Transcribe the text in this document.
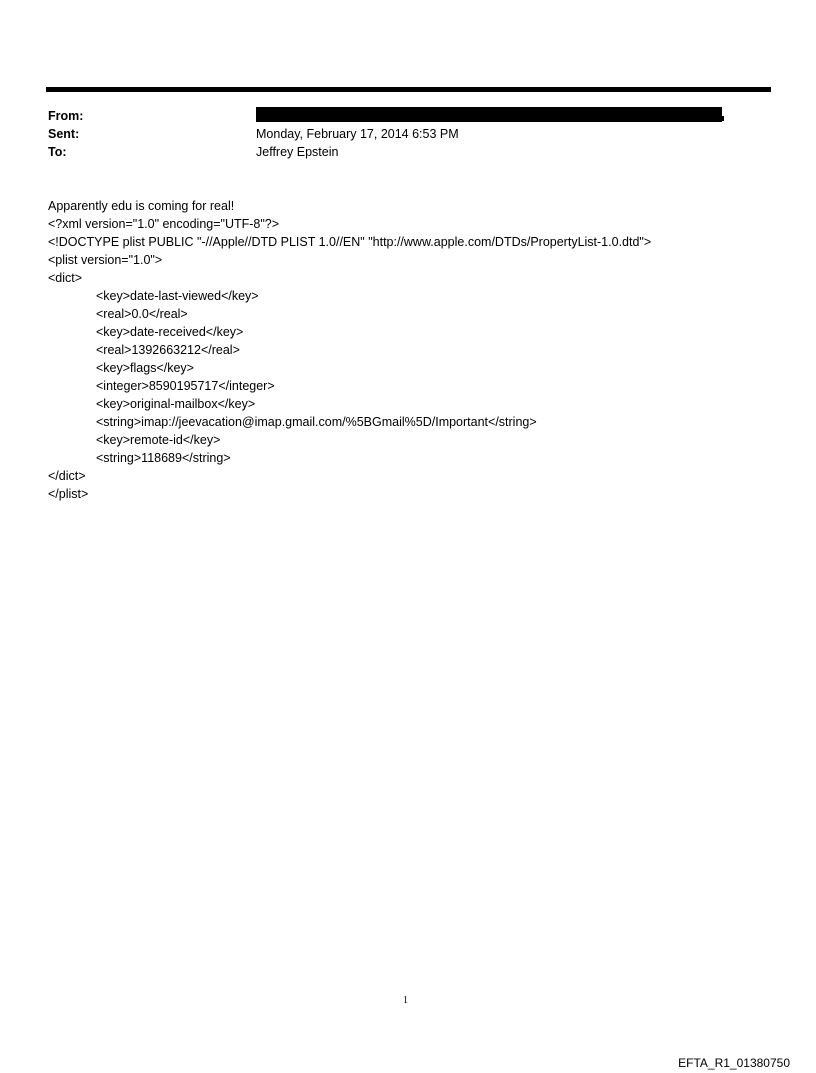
From:
Sent:	Monday, February 17, 2014 6:53 PM
To:	Jeffrey Epstein
Apparently edu is coming for real!
<?xml version="1.0" encoding="UTF-8"?>
<!DOCTYPE plist PUBLIC "-//Apple//DTD PLIST 1.0//EN" "http://www.apple.com/DTDs/PropertyList-1.0.dtd">
<plist version="1.0">
<dict>
<key>date-last-viewed</key>
<real>0.0</real>
<key>date-received</key>
<real>1392663212</real>
<key>flags</key>
<integer>8590195717</integer>
<key>original-mailbox</key>
<string>imap://jeevacation@imap.gmail.com/%5BGmail%5D/Important</string>
<key>remote-id</key>
<string>118689</string>
</dict>
</plist>
1
EFTA_R1_01380750
